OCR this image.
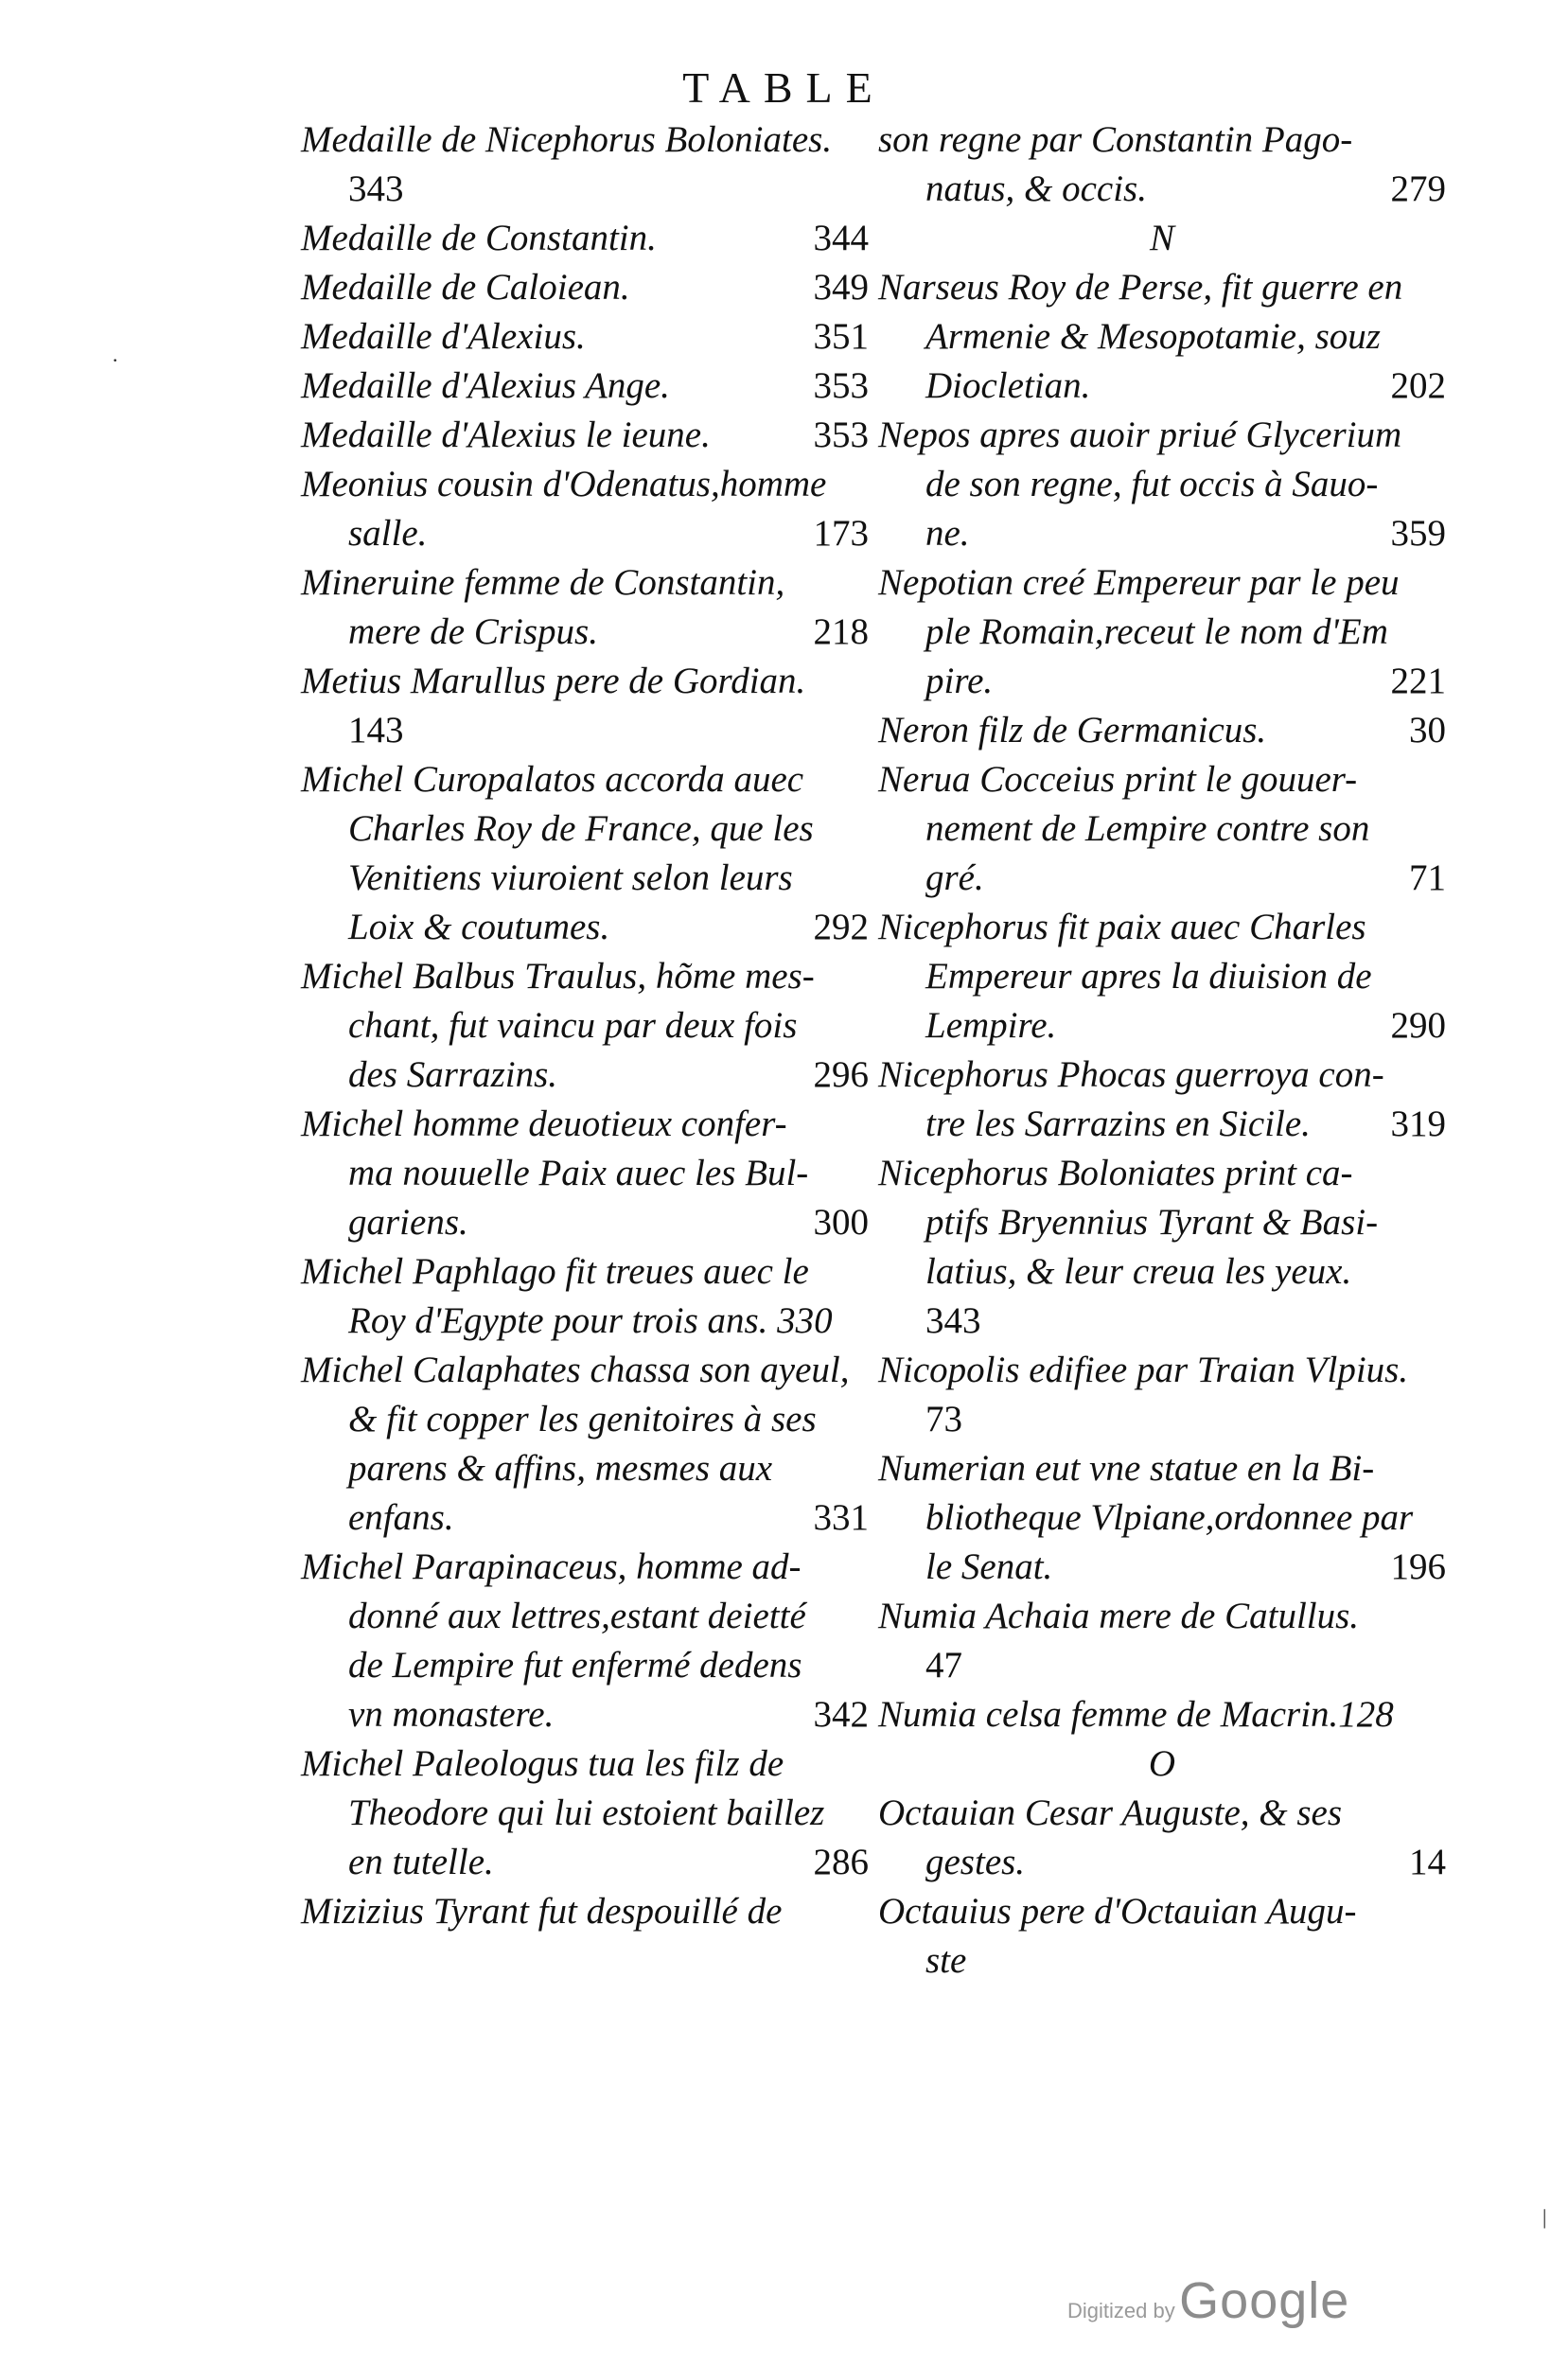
TABLE
Medaille de Nicephorus Boloniates.
343
344
Medaille de Constantin.
349
Medaille de Caloiean.
351
Medaille d'Alexius.
353
Medaille d'Alexius Ange.
353
Medaille d'Alexius le ieune.
Meonius cousin d'Odenatus,homme
173
salle.
Mineruine femme de Constantin,
218
mere de Crispus.
Metius Marullus pere de Gordian.
143
Michel Curopalatos accorda auec
Charles Roy de France, que les
Venitiens viuroient selon leurs
292
Loix & coutumes.
Michel Balbus Traulus, hõme mes-
chant, fut vaincu par deux fois
296
des Sarrazins.
Michel homme deuotieux confer-
ma nouuelle Paix auec les Bul-
300
gariens.
Michel Paphlago fit treues auec le
Roy d'Egypte pour trois ans. 330
Michel Calaphates chassa son ayeul,
& fit copper les genitoires à ses
parens & affins, mesmes aux
331
enfans.
Michel Parapinaceus, homme ad-
donné aux lettres,estant deietté
de Lempire fut enfermé dedens
342
vn monastere.
Michel Paleologus tua les filz de
Theodore qui lui estoient baillez
286
en tutelle.
Mizizius Tyrant fut despouillé de
son regne par Constantin Pago-
279
natus, & occis.
N
Narseus Roy de Perse, fit guerre en
Armenie & Mesopotamie, souz
202
Diocletian.
Nepos apres auoir priué Glycerium
de son regne, fut occis à Sauo-
359
ne.
Nepotian creé Empereur par le peu
ple Romain,receut le nom d'Em
221
pire.
30
Neron filz de Germanicus.
Nerua Cocceius print le gouuer-
nement de Lempire contre son
71
gré.
Nicephorus fit paix auec Charles
Empereur apres la diuision de
290
Lempire.
Nicephorus Phocas guerroya con-
319
tre les Sarrazins en Sicile.
Nicephorus Boloniates print ca-
ptifs Bryennius Tyrant & Basi-
latius, & leur creua les yeux.
343
Nicopolis edifiee par Traian Vlpius.
73
Numerian eut vne statue en la Bi-
bliotheque Vlpiane,ordonnee par
196
le Senat.
Numia Achaia mere de Catullus.
47
Numia celsa femme de Macrin.128
O
Octauian Cesar Auguste, & ses
14
gestes.
Octauius pere d'Octauian Augu-
ste
·
|
Digitized by Google
